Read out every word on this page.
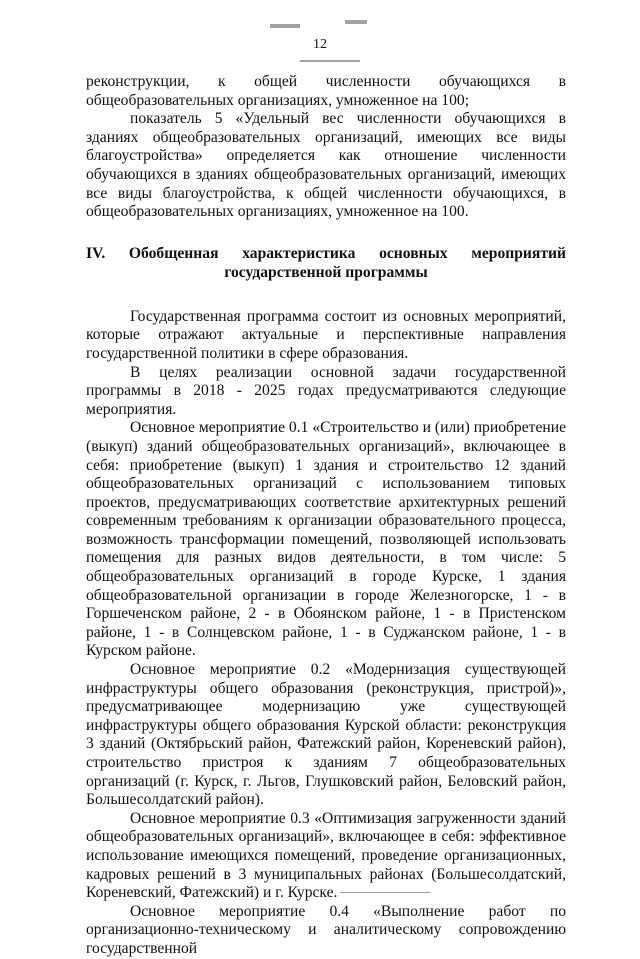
12

реконструкции, к общей численности обучающихся в общеобразовательных организациях, умноженное на 100;

показатель 5 «Удельный вес численности обучающихся в зданиях общеобразовательных организаций, имеющих все виды благоустройства» определяется как отношение численности обучающихся в зданиях общеобразовательных организаций, имеющих все виды благоустройства, к общей численности обучающихся, в общеобразовательных организациях, умноженное на 100.

IV. Обобщенная характеристика основных мероприятий государственной программы

Государственная программа состоит из основных мероприятий, которые отражают актуальные и перспективные направления государственной политики в сфере образования.

В целях реализации основной задачи государственной программы в 2018 - 2025 годах предусматриваются следующие мероприятия.

Основное мероприятие 0.1 «Строительство и (или) приобретение (выкуп) зданий общеобразовательных организаций», включающее в себя: приобретение (выкуп) 1 здания и строительство 12 зданий общеобразовательных организаций с использованием типовых проектов, предусматривающих соответствие архитектурных решений современным требованиям к организации образовательного процесса, возможность трансформации помещений, позволяющей использовать помещения для разных видов деятельности, в том числе: 5 общеобразовательных организаций в городе Курске, 1 здания общеобразовательной организации в городе Железногорске, 1 - в Горшеченском районе, 2 - в Обоянском районе, 1 - в Пристенском районе, 1 - в Солнцевском районе, 1 - в Суджанском районе, 1 - в Курском районе.

Основное мероприятие 0.2 «Модернизация существующей инфраструктуры общего образования (реконструкция, пристрой)», предусматривающее модернизацию уже существующей инфраструктуры общего образования Курской области: реконструкция 3 зданий (Октябрьский район, Фатежский район, Кореневский район), строительство пристроя к зданиям 7 общеобразовательных организаций (г. Курск, г. Льгов, Глушковский район, Беловский район, Большесолдатский район).

Основное мероприятие 0.3 «Оптимизация загруженности зданий общеобразовательных организаций», включающее в себя: эффективное использование имеющихся помещений, проведение организационных, кадровых решений в 3 муниципальных районах (Большесолдатский, Кореневский, Фатежский) и г. Курске.

Основное мероприятие 0.4 «Выполнение работ по организационно-техническому и аналитическому сопровождению государственной
